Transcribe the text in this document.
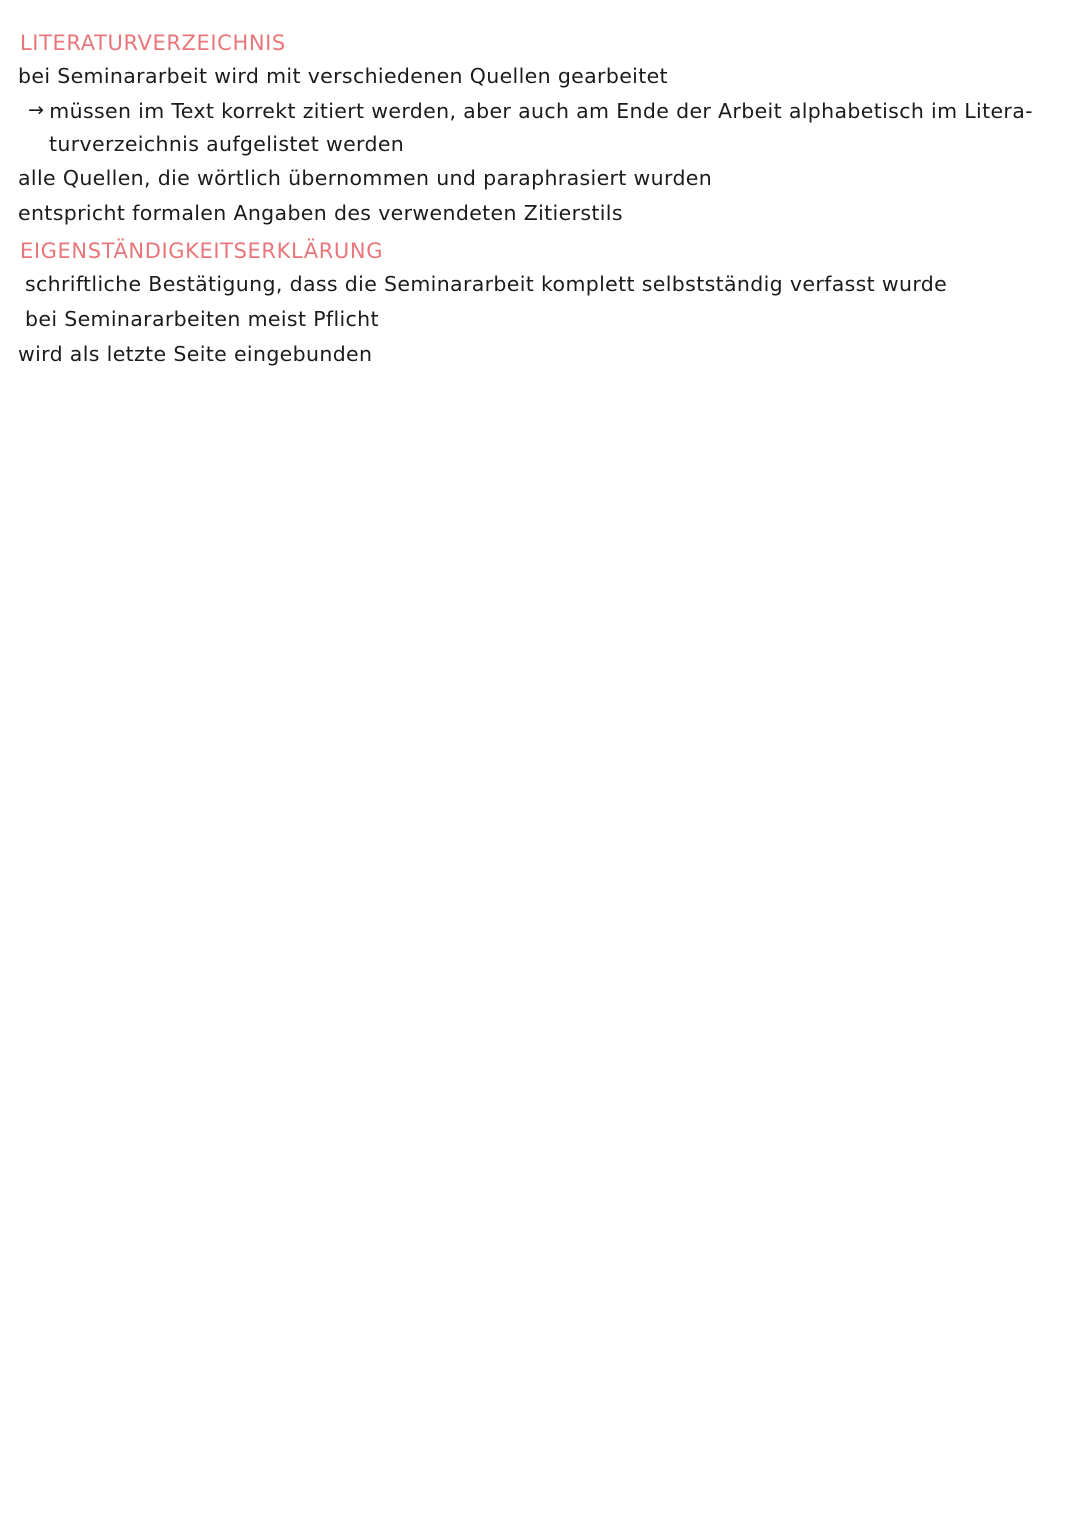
LITERATURVERZEICHNIS

bei Seminararbeit wird mit verschiedenen Quellen gearbeitet

→ müssen im Text korrekt zitiert werden, aber auch am Ende der Arbeit alphabetisch im Litera-

turverzeichnis aufgelistet werden

alle Quellen, die wörtlich übernommen und paraphrasiert wurden

entspricht formalen Angaben des verwendeten Zitierstils

EIGENSTÄNDIGKEITSERKLÄRUNG

schriftliche Bestätigung, dass die Seminararbeit komplett selbstständig verfasst wurde

bei Seminararbeiten meist Pflicht

wird als letzte Seite eingebunden
